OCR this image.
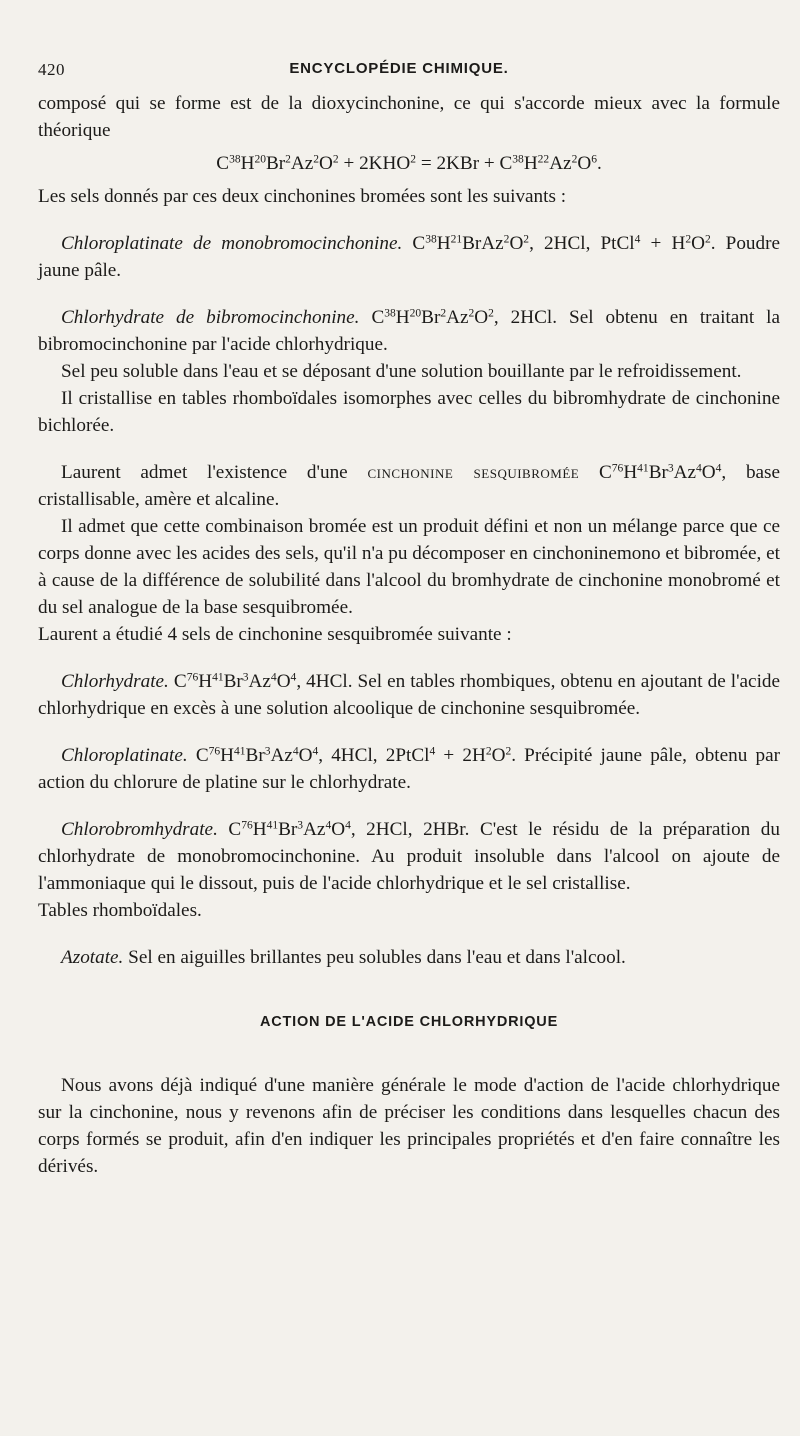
420	ENCYCLOPÉDIE CHIMIQUE.

composé qui se forme est de la dioxycinchonine, ce qui s'accorde mieux avec la formule théorique

$C^{38}H^{20}Br^2Az^2O^2 + 2KHO^2 = 2KBr + C^{38}H^{22}Az^2O^6$.

Les sels donnés par ces deux cinchonines bromées sont les suivants :

Chloroplatinate de monobromocinchonine. $C^{38}H^{21}BrAz^2O^2$, 2HCl, PtCl$^4$ + $H^2O^2$. Poudre jaune pâle.

Chlorhydrate de bibromocinchonine. $C^{38}H^{20}Br^2Az^2O^2$, 2HCl. Sel obtenu en traitant la bibromocinchonine par l'acide chlorhydrique.

Sel peu soluble dans l'eau et se déposant d'une solution bouillante par le refroidissement.

Il cristallise en tables rhomboïdales isomorphes avec celles du bibromhydrate de cinchonine bichlorée.

Laurent admet l'existence d'une cinchonine sesquibromée $C^{76}H^{41}Br^3Az^4O^4$, base cristallisable, amère et alcaline.

Il admet que cette combinaison bromée est un produit défini et non un mélange parce que ce corps donne avec les acides des sels, qu'il n'a pu décomposer en cinchoninemono et bibromée, et à cause de la différence de solubilité dans l'alcool du bromhydrate de cinchonine monobromé et du sel analogue de la base sesquibromée.

Laurent a étudié 4 sels de cinchonine sesquibromée suivante :

Chlorhydrate. $C^{76}H^{41}Br^3Az^4O^4$, 4HCl. Sel en tables rhombiques, obtenu en ajoutant de l'acide chlorhydrique en excès à une solution alcoolique de cinchonine sesquibromée.

Chloroplatinate. $C^{76}H^{41}Br^3Az^4O^4$, 4HCl, 2PtCl$^4$ + $2H^2O^2$. Précipité jaune pâle, obtenu par action du chlorure de platine sur le chlorhydrate.

Chlorobromhydrate. $C^{76}H^{41}Br^3Az^4O^4$, 2HCl, 2HBr. C'est le résidu de la préparation du chlorhydrate de monobromocinchonine. Au produit insoluble dans l'alcool on ajoute de l'ammoniaque qui le dissout, puis de l'acide chlorhydrique et le sel cristallise.

Tables rhomboïdales.

Azotate. Sel en aiguilles brillantes peu solubles dans l'eau et dans l'alcool.

ACTION DE L'ACIDE CHLORHYDRIQUE

Nous avons déjà indiqué d'une manière générale le mode d'action de l'acide chlorhydrique sur la cinchonine, nous y revenons afin de préciser les conditions dans lesquelles chacun des corps formés se produit, afin d'en indiquer les principales propriétés et d'en faire connaître les dérivés.
